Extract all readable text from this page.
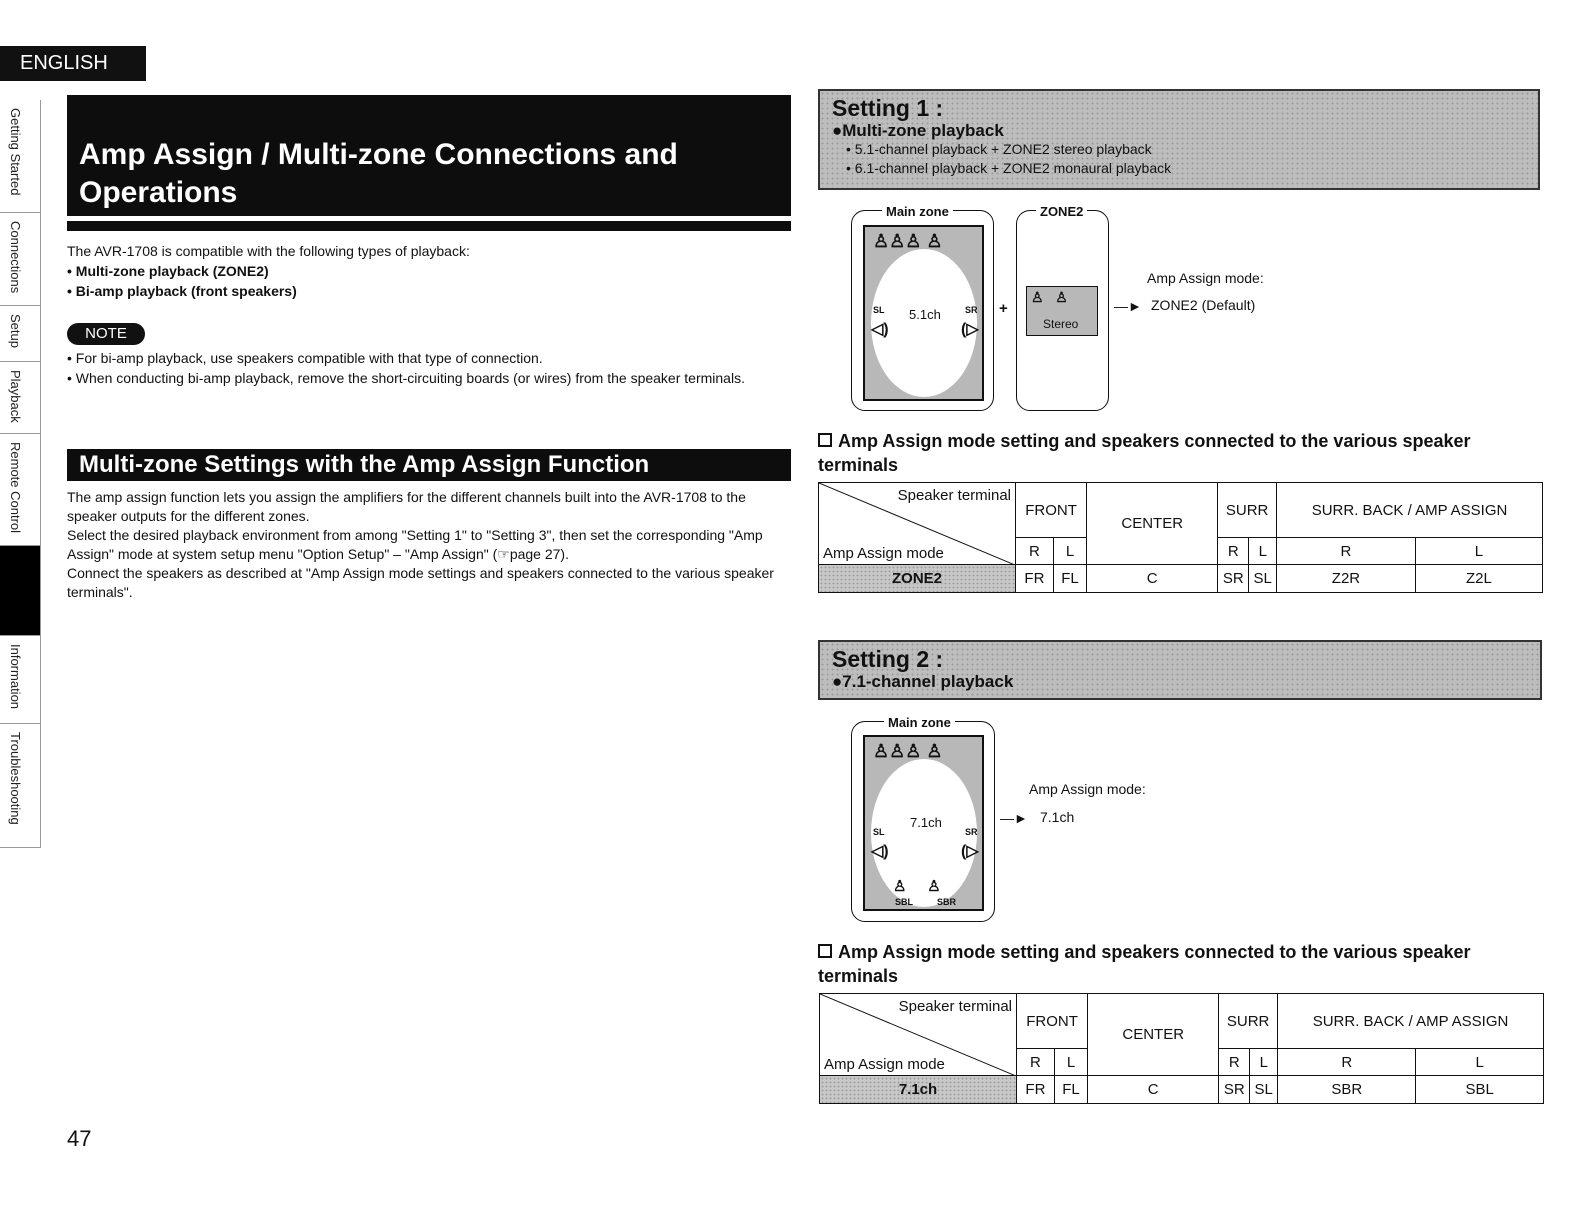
ENGLISH
Getting Started
Connections
Setup
Playback
Remote Control
Information
Troubleshooting
Amp Assign / Multi-zone Connections and Operations
The AVR-1708 is compatible with the following types of playback:
• Multi-zone playback (ZONE2)
• Bi-amp playback (front speakers)
NOTE

• For bi-amp playback, use speakers compatible with that type of connection.

• When conducting bi-amp playback, remove the short-circuiting boards (or wires) from the speaker terminals.

Multi-zone Settings with the Amp Assign Function

The amp assign function lets you assign the amplifiers for the different channels built into the AVR-1708 to the speaker outputs for the different zones.

Select the desired playback environment from among "Setting 1" to "Setting 3", then set the corresponding "Amp Assign" mode at system setup menu "Option Setup" – "Amp Assign" (☞page 27).

Connect the speakers as described at "Amp Assign mode settings and speakers connected to the various speaker terminals".

47
Setting 1 :
●Multi-zone playback
• 5.1-channel playback + ZONE2 stereo playback
• 6.1-channel playback + ZONE2 monaural playback
Main zone
♙♙♙ ♙
SL	SR
◁)	(▷
5.1ch	+
ZONE2
♙   ♙
Stereo
—►
Amp Assign mode:
ZONE2 (Default)
Amp Assign mode setting and speakers connected to the various speaker terminals
Speaker terminal
Amp Assign mode	FRONT		CENTER	SURR		SURR. BACK / AMP ASSIGN	
	R	L		R	L	R	L
ZONE2	FR	FL	C	SR	SL	Z2R	Z2L
Setting 2 :
●7.1-channel playback
Main zone
♙♙♙ ♙
SL	SR
◁)	(▷
7.1ch
♙     ♙
SBL	SBR
—►
Amp Assign mode:
7.1ch
Amp Assign mode setting and speakers connected to the various speaker terminals
Speaker terminal
Amp Assign mode	FRONT		CENTER	SURR		SURR. BACK / AMP ASSIGN	
	R	L		R	L	R	L
7.1ch	FR	FL	C	SR	SL	SBR	SBL
